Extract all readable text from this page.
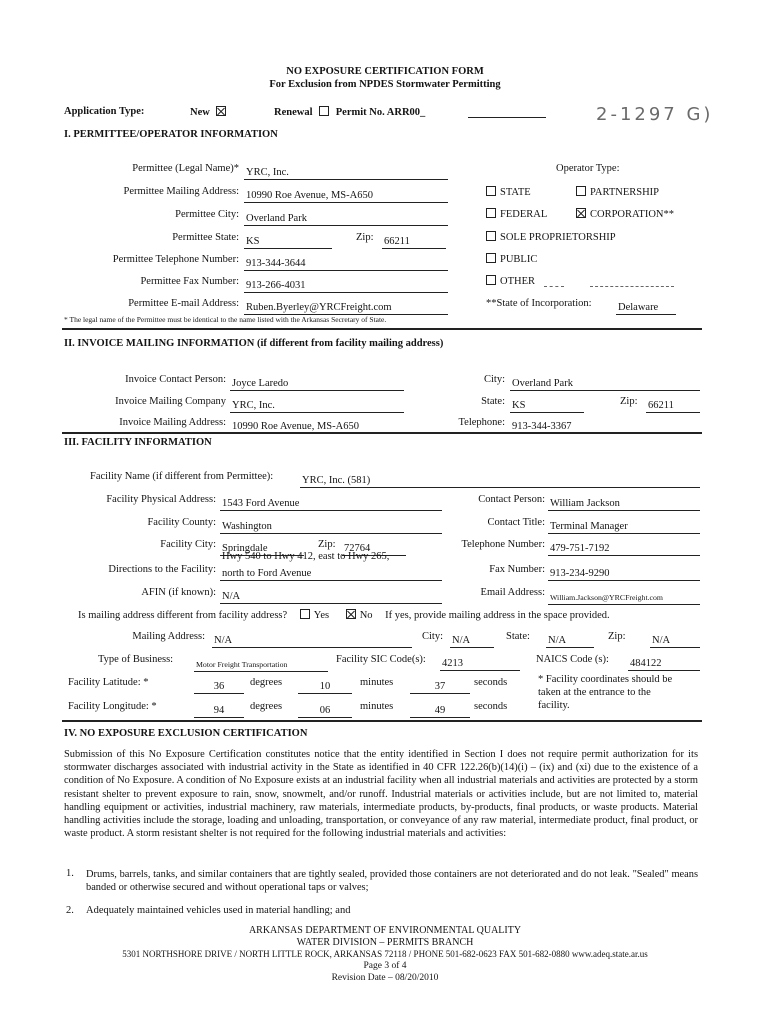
NO EXPOSURE CERTIFICATION FORM
For Exclusion from NPDES Stormwater Permitting
Application Type:	New	Renewal Permit No. ARR00_	2-1297 G)
I. PERMITTEE/OPERATOR INFORMATION
Permittee (Legal Name)* YRC, Inc.
Permittee Mailing Address: 10990 Roe Avenue, MS-A650
Permittee City: Overland Park
Permittee State: KS	Zip: 66211
Permittee Telephone Number: 913-344-3644
Permittee Fax Number: 913-266-4031
Permittee E-mail Address: Ruben.Byerley@YRCFreight.com
* The legal name of the Permittee must be identical to the name listed with the Arkansas Secretary of State.
Operator Type:
STATE	PARTNERSHIP
FEDERAL	CORPORATION**
SOLE PROPRIETORSHIP
PUBLIC
OTHER
**State of Incorporation:	Delaware
II. INVOICE MAILING INFORMATION (if different from facility mailing address)
Invoice Contact Person: Joyce Laredo	City: Overland Park
Invoice Mailing Company YRC, Inc.	State: KS	Zip: 66211
Invoice Mailing Address: 10990 Roe Avenue, MS-A650	Telephone: 913-344-3367
III. FACILITY INFORMATION
Facility Name (if different from Permittee):	YRC, Inc. (581)
Facility Physical Address: 1543 Ford Avenue	Contact Person: William Jackson
Facility County: Washington	Contact Title: Terminal Manager
Facility City: Springdale	Zip: 72764	Telephone Number: 479-751-7192
Hwy 540 to Hwy 412, east to Hwy 265,
Directions to the Facility: north to Ford Avenue	Fax Number: 913-234-9290
AFIN (if known): N/A	Email Address: William.Jackson@YRCFreight.com
Is mailing address different from facility address?	Yes	No If yes, provide mailing address in the space provided.
Mailing Address: N/A	City: N/A	State: N/A	Zip:	N/A
Type of Business:	Motor Freight Transportation	Facility SIC Code(s): 4213	NAICS Code (s): 484122
Facility Latitude: *	36	degrees	10	minutes	37	seconds
Facility Longitude: *	94	degrees	06	minutes	49	seconds
* Facility coordinates should be
taken at the entrance to the
facility.
IV. NO EXPOSURE EXCLUSION CERTIFICATION
Submission of this No Exposure Certification constitutes notice that the entity identified in Section I does not require permit authorization for its stormwater discharges associated with industrial activity in the State as identified in 40 CFR 122.26(b)(14)(i) – (ix) and (xi) due to the existence of a condition of No Exposure. A condition of No Exposure exists at an industrial facility when all industrial materials and activities are protected by a storm resistant shelter to prevent exposure to rain, snow, snowmelt, and/or runoff. Industrial materials or activities include, but are not limited to, material handling equipment or activities, industrial machinery, raw materials, intermediate products, by-products, final products, or waste products. Material handling activities include the storage, loading and unloading, transportation, or conveyance of any raw material, intermediate product, final product, or waste product. A storm resistant shelter is not required for the following industrial materials and activities:
1. Drums, barrels, tanks, and similar containers that are tightly sealed, provided those containers are not deteriorated and do not leak. "Sealed" means banded or otherwise secured and without operational taps or valves;
2. Adequately maintained vehicles used in material handling; and
ARKANSAS DEPARTMENT OF ENVIRONMENTAL QUALITY
WATER DIVISION – PERMITS BRANCH
5301 NORTHSHORE DRIVE / NORTH LITTLE ROCK, ARKANSAS 72118 / PHONE 501-682-0623 FAX 501-682-0880 www.adeq.state.ar.us
Page 3 of 4
Revision Date – 08/20/2010
